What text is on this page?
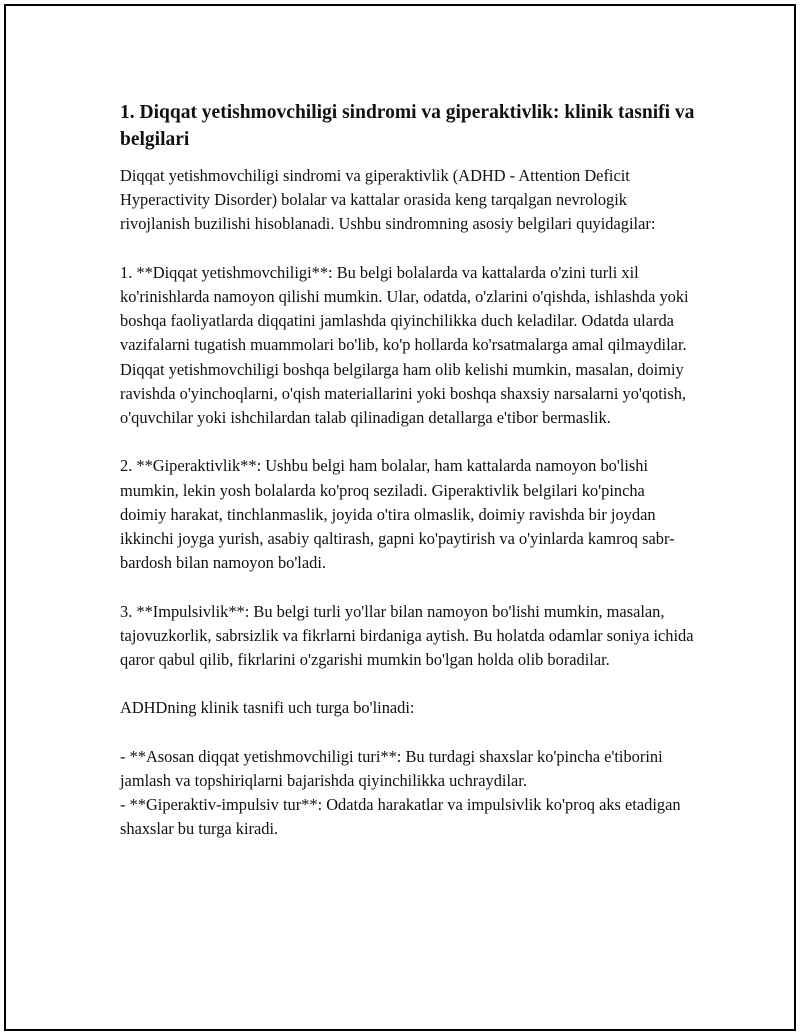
1. Diqqat yetishmovchiligi sindromi va giperaktivlik: klinik tasnifi va belgilari
Diqqat yetishmovchiligi sindromi va giperaktivlik (ADHD - Attention Deficit Hyperactivity Disorder) bolalar va kattalar orasida keng tarqalgan nevrologik rivojlanish buzilishi hisoblanadi. Ushbu sindromning asosiy belgilari quyidagilar:

1. **Diqqat yetishmovchiligi**: Bu belgi bolalarda va kattalarda o'zini turli xil ko'rinishlarda namoyon qilishi mumkin. Ular, odatda, o'zlarini o'qishda, ishlashda yoki boshqa faoliyatlarda diqqatini jamlashda qiyinchilikka duch keladilar. Odatda ularda vazifalarni tugatish muammolari bo'lib, ko'p hollarda ko'rsatmalarga amal qilmaydilar. Diqqat yetishmovchiligi boshqa belgilarga ham olib kelishi mumkin, masalan, doimiy ravishda o'yinchoqlarni, o'qish materiallarini yoki boshqa shaxsiy narsalarni yo'qotish, o'quvchilar yoki ishchilardan talab qilinadigan detallarga e'tibor bermaslik.

2. **Giperaktivlik**: Ushbu belgi ham bolalar, ham kattalarda namoyon bo'lishi mumkin, lekin yosh bolalarda ko'proq seziladi. Giperaktivlik belgilari ko'pincha doimiy harakat, tinchlanmaslik, joyida o'tira olmaslik, doimiy ravishda bir joydan ikkinchi joyga yurish, asabiy qaltirash, gapni ko'paytirish va o'yinlarda kamroq sabr-bardosh bilan namoyon bo'ladi.

3. **Impulsivlik**: Bu belgi turli yo'llar bilan namoyon bo'lishi mumkin, masalan, tajovuzkorlik, sabrsizlik va fikrlarni birdaniga aytish. Bu holatda odamlar soniya ichida qaror qabul qilib, fikrlarini o'zgarishi mumkin bo'lgan holda olib boradilar.

ADHDning klinik tasnifi uch turga bo'linadi:

- **Asosan diqqat yetishmovchiligi turi**: Bu turdagi shaxslar ko'pincha e'tiborini jamlash va topshiriqlarni bajarishda qiyinchilikka uchraydilar.
- **Giperaktiv-impulsiv tur**: Odatda harakatlar va impulsivlik ko'proq aks etadigan shaxslar bu turga kiradi.
